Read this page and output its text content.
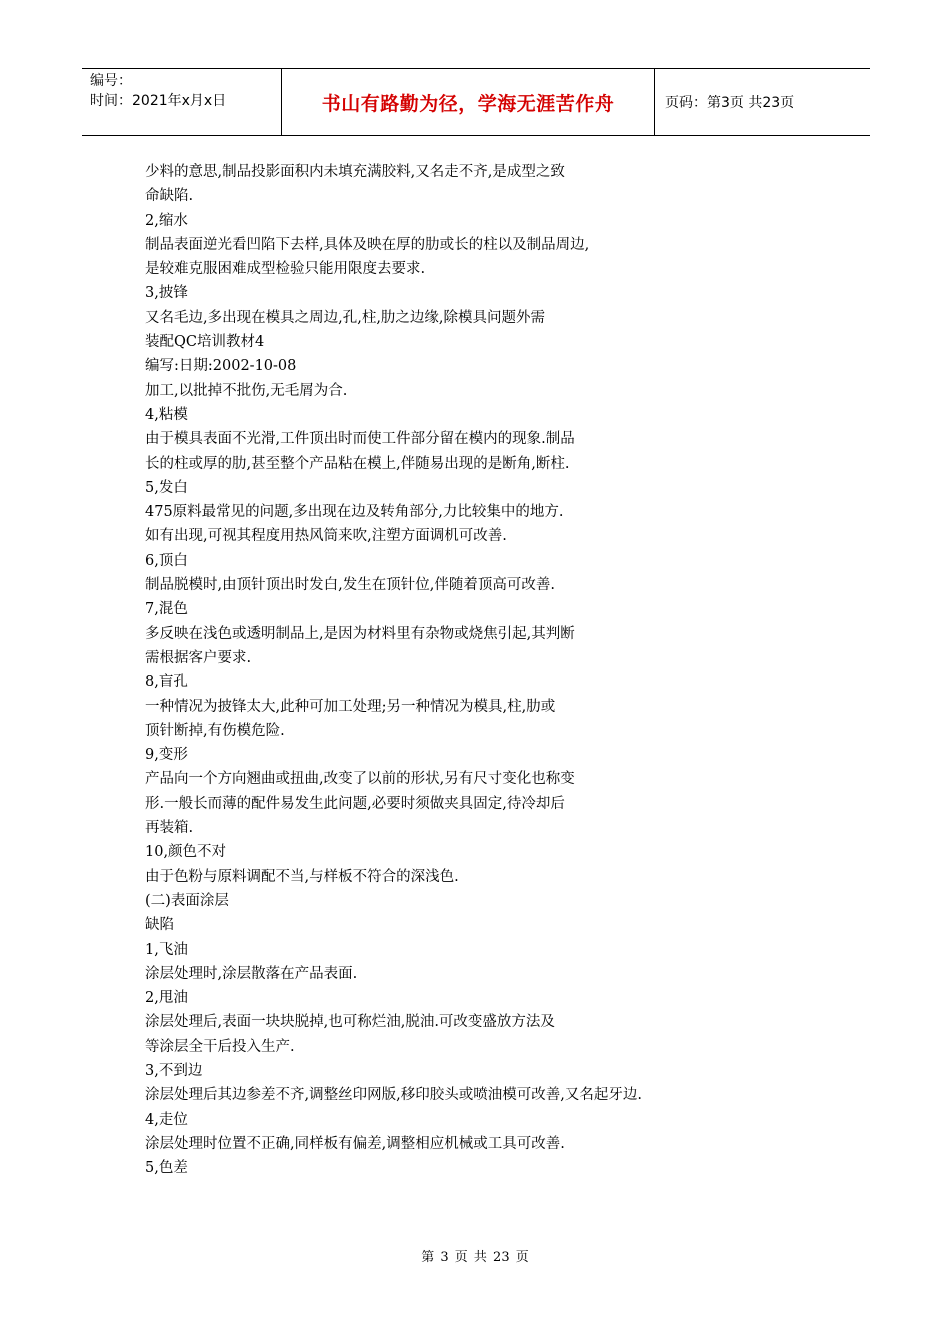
编号：
时间：2021年x月x日	书山有路勤为径，学海无涯苦作舟	页码：第3页 共23页
少料的意思,制品投影面积内未填充满胶料,又名走不齐,是成型之致
命缺陷.
2,缩水
制品表面逆光看凹陷下去样,具体及映在厚的肋或长的柱以及制品周边,
是较难克服困难成型检验只能用限度去要求.
3,披锋
又名毛边,多出现在模具之周边,孔,柱,肋之边缘,除模具问题外需
装配QC培训教材4
编写:日期:2002-10-08
加工,以批掉不批伤,无毛屑为合.
4,粘模
由于模具表面不光滑,工件顶出时而使工件部分留在模内的现象.制品
长的柱或厚的肋,甚至整个产品粘在模上,伴随易出现的是断角,断柱.
5,发白
475原料最常见的问题,多出现在边及转角部分,力比较集中的地方.
如有出现,可视其程度用热风筒来吹,注塑方面调机可改善.
6,顶白
制品脱模时,由顶针顶出时发白,发生在顶针位,伴随着顶高可改善.
7,混色
多反映在浅色或透明制品上,是因为材料里有杂物或烧焦引起,其判断
需根据客户要求.
8,盲孔
一种情况为披锋太大,此种可加工处理;另一种情况为模具,柱,肋或
顶针断掉,有伤模危险.
9,变形
产品向一个方向翘曲或扭曲,改变了以前的形状,另有尺寸变化也称变
形.一般长而薄的配件易发生此问题,必要时须做夹具固定,待冷却后
再装箱.
10,颜色不对
由于色粉与原料调配不当,与样板不符合的深浅色.
(二)表面涂层
缺陷
1,飞油
涂层处理时,涂层散落在产品表面.
2,甩油
涂层处理后,表面一块块脱掉,也可称烂油,脱油.可改变盛放方法及
等涂层全干后投入生产.
3,不到边
涂层处理后其边参差不齐,调整丝印网版,移印胶头或喷油模可改善,又名起牙边.
4,走位
涂层处理时位置不正确,同样板有偏差,调整相应机械或工具可改善.
5,色差
第 3 页 共 23 页
